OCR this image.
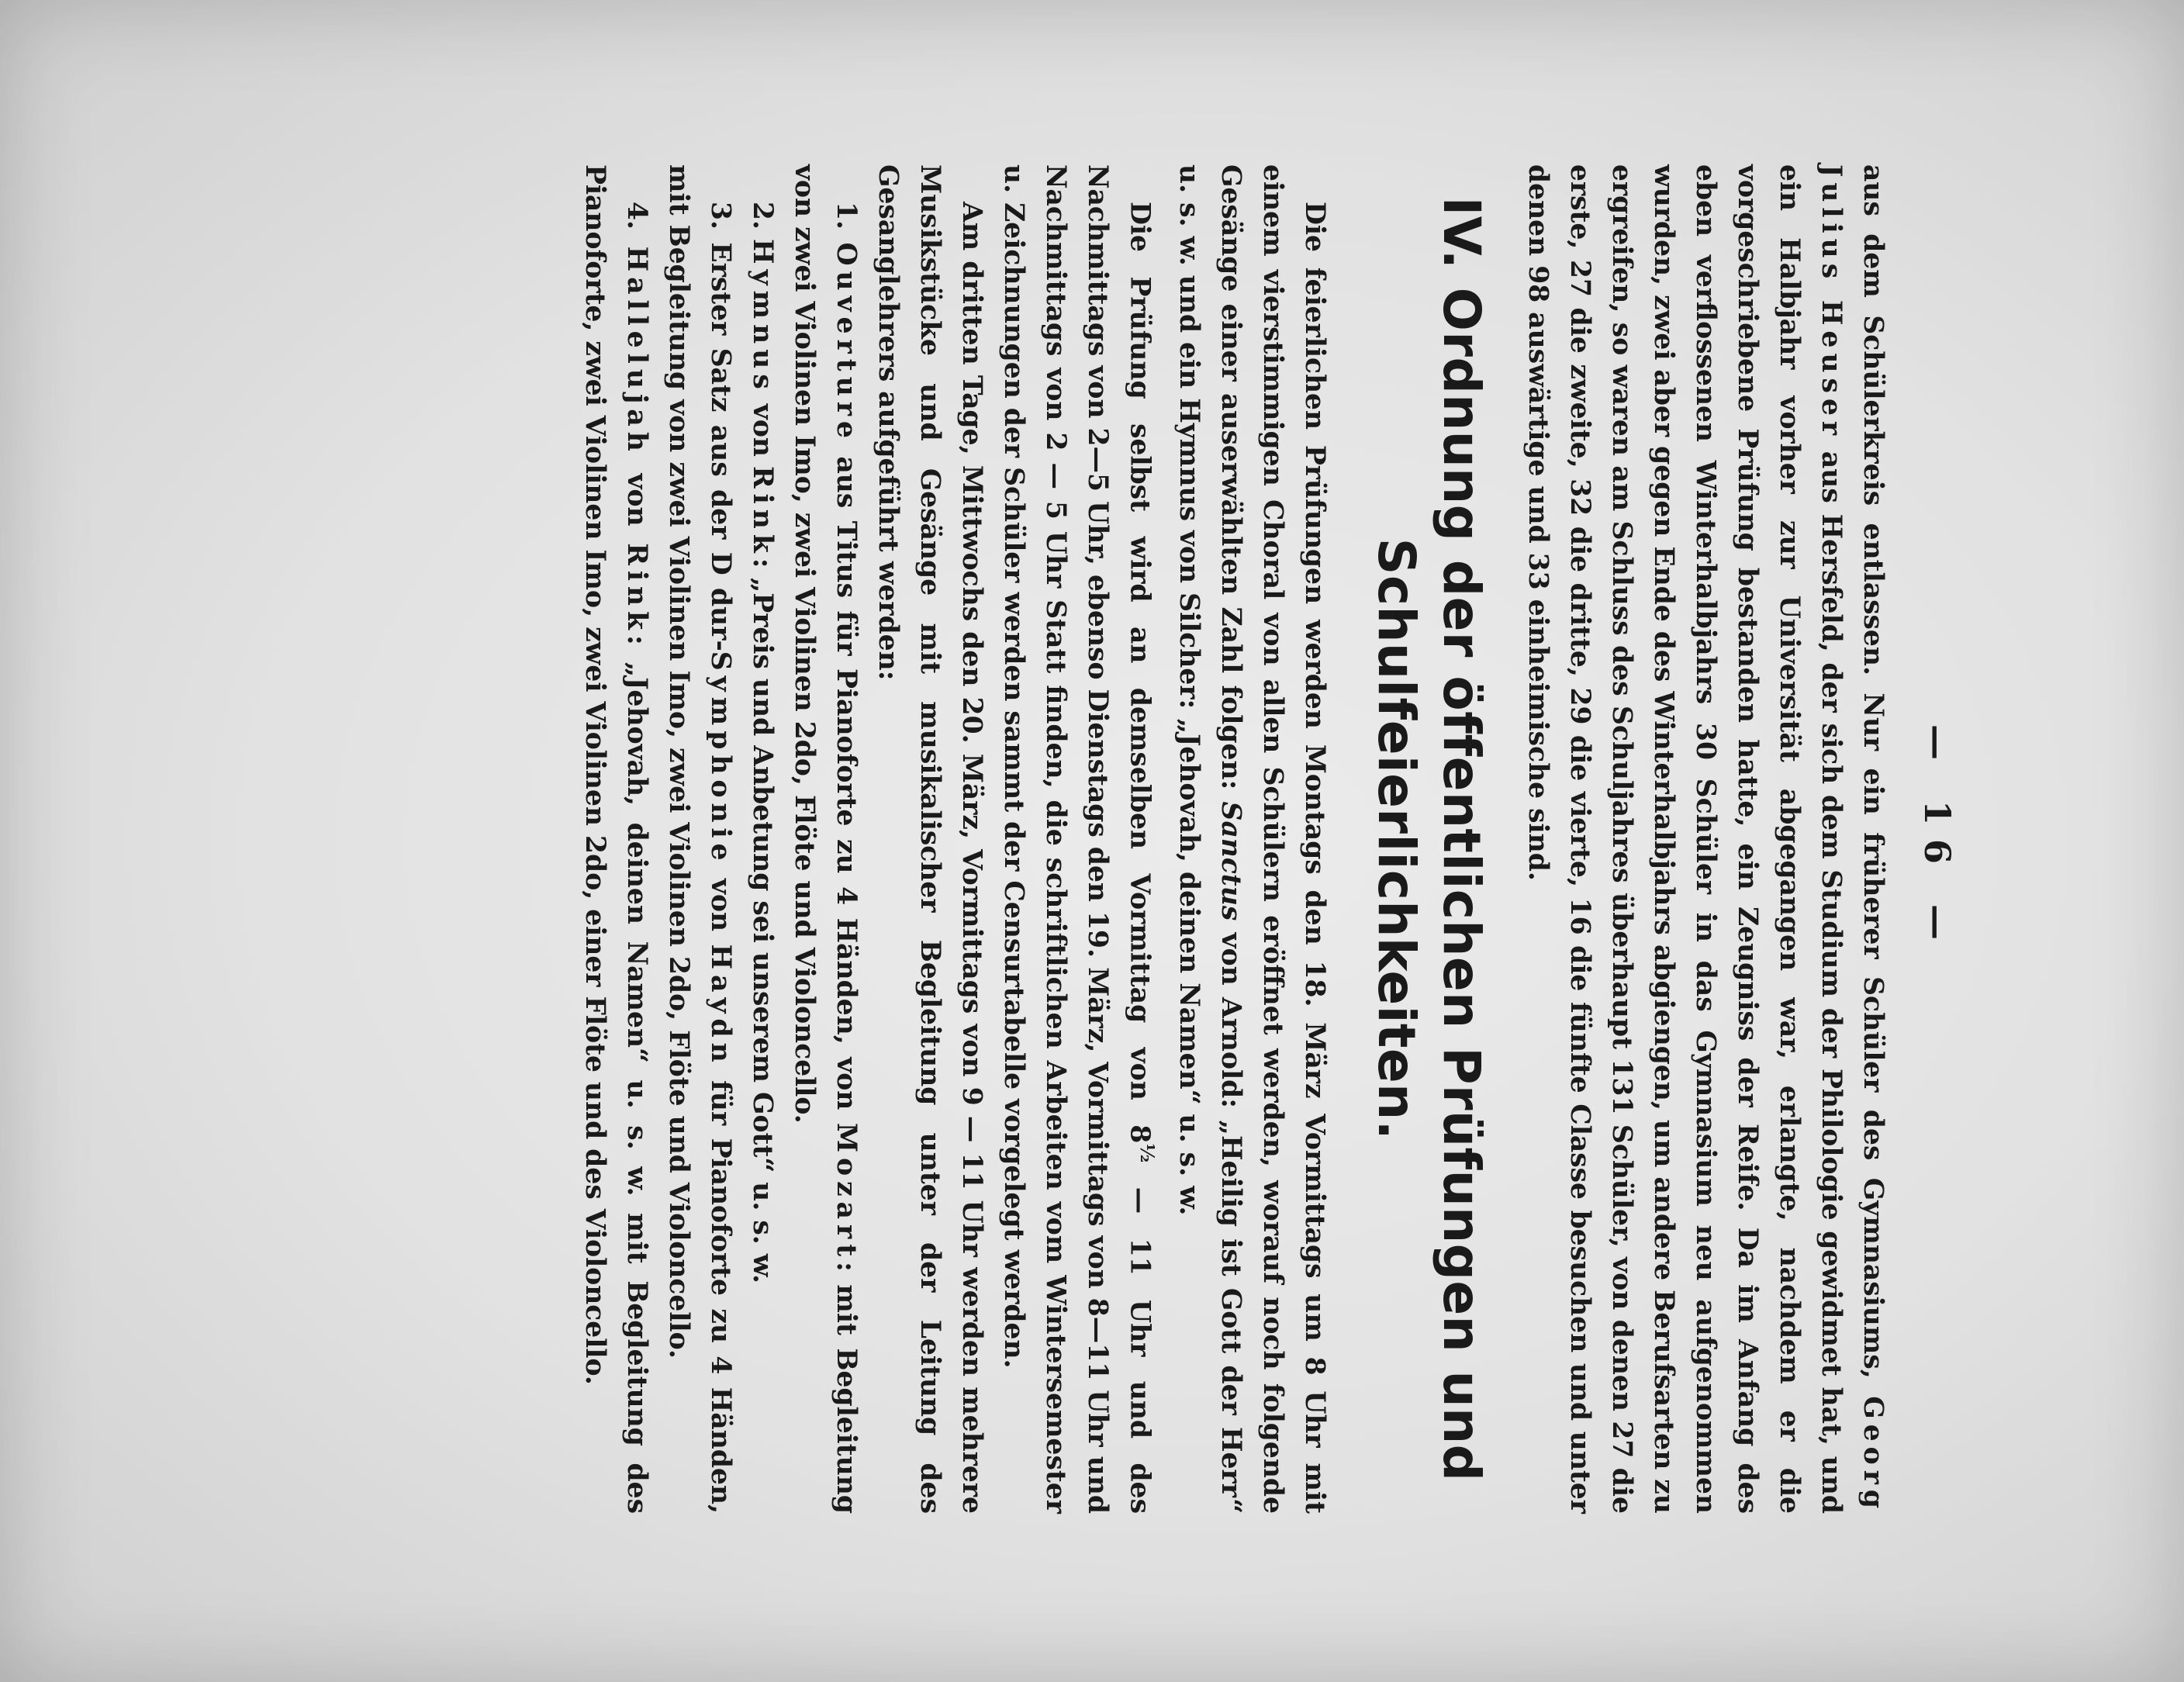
— 16 —

aus dem Schülerkreis entlassen. Nur ein früherer Schüler des Gymnasiums, Georg Julius Heuser aus Hersfeld, der sich dem Studium der Philologie gewidmet hat, und ein Halbjahr vorher zur Universität abgegangen war, erlangte, nachdem er die vorgeschriebene Prüfung bestanden hatte, ein Zeugniss der Reife. Da im Anfang des eben verflossenen Winterhalbjahrs 30 Schüler in das Gymnasium neu aufgenommen wurden, zwei aber gegen Ende des Winterhalbjahrs abgiengen, um andere Berufsarten zu ergreifen, so waren am Schluss des Schuljahres überhaupt 131 Schüler, von denen 27 die erste, 27 die zweite, 32 die dritte, 29 die vierte, 16 die fünfte Classe besuchen und unter denen 98 auswärtige und 33 einheimische sind.

IV. Ordnung der öffentlichen Prüfungen und Schulfeierlichkeiten.

Die feierlichen Prüfungen werden Montags den 18. März Vormittags um 8 Uhr mit einem vierstimmigen Choral von allen Schülern eröffnet werden, worauf noch folgende Gesänge einer auserwählten Zahl folgen: Sanctus von Arnold: „Heilig ist Gott der Herr“ u. s. w. und ein Hymnus von Silcher: „Jehovah, deinen Namen“ u. s. w.

Die Prüfung selbst wird an demselben Vormittag von $8^{\frac{1}{2}}$ — 11 Uhr und des Nachmittags von 2—5 Uhr, ebenso Dienstags den 19. März, Vormittags von 8—11 Uhr und Nachmittags von 2 — 5 Uhr Statt finden, die schriftlichen Arbeiten vom Wintersemester u. Zeichnungen der Schüler werden sammt der Censurtabelle vorgelegt werden.

Am dritten Tage, Mittwochs den 20. März, Vormittags von 9 — 11 Uhr werden mehrere Musikstücke und Gesänge mit musikalischer Begleitung unter der Leitung des Gesanglehrers aufgeführt werden:

1. Ouverture aus Titus für Pianoforte zu 4 Händen, von Mozart: mit Begleitung von zwei Violinen Imo, zwei Violinen 2do, Flöte und Violoncello.

2. Hymnus von Rink: „Preis und Anbetung sei unserem Gott“ u. s. w.

3. Erster Satz aus der D dur-Symphonie von Haydn für Pianoforte zu 4 Händen, mit Begleitung von zwei Violinen Imo, zwei Violinen 2do, Flöte und Violoncello.

4. Hallelujah von Rink: „Jehovah, deinen Namen“ u. s. w. mit Begleitung des Pianoforte, zwei Violinen Imo, zwei Violinen 2do, einer Flöte und des Violoncello.
